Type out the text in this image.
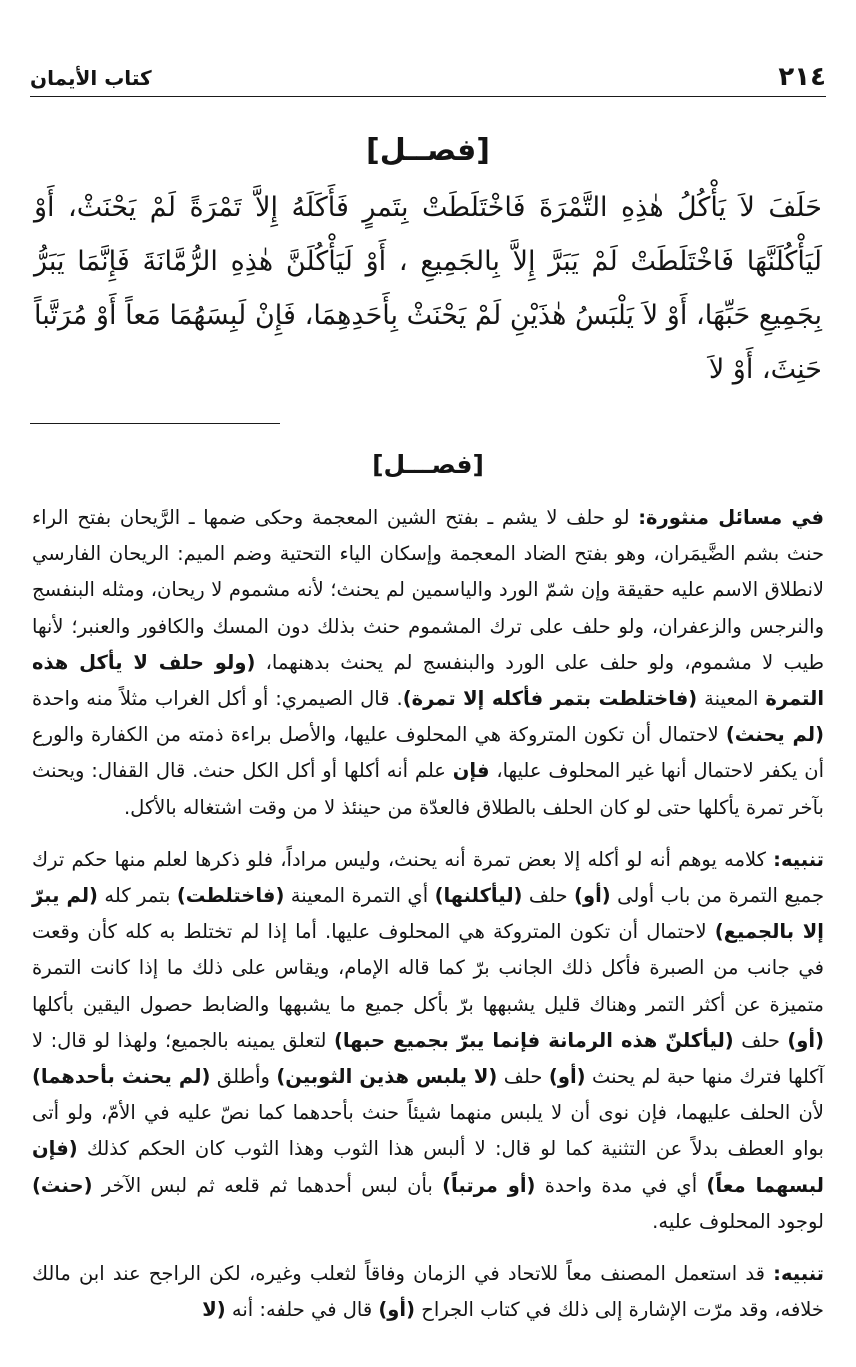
٢١٤
كتاب الأيمان
[فصــل]
حَلَفَ لاَ يَأْكُلُ هٰذِهِ التَّمْرَةَ فَاخْتَلَطَتْ بِتَمرٍ فَأَكَلَهُ إِلاَّ تَمْرَةً لَمْ يَحْنَثْ، أَوْ لَيَأْكُلَنَّهَا فَاخْتَلَطَتْ لَمْ يَبَرَّ إِلاَّ بِالجَمِيعِ ، أَوْ لَيَأْكُلَنَّ هٰذِهِ الرُّمَّانَةَ فَإِنَّمَا يَبَرُّ بِجَمِيعِ حَبِّهَا، أَوْ لاَ يَلْبَسُ هٰذَيْنِ لَمْ يَحْنَثْ بِأَحَدِهِمَا، فَإِنْ لَبِسَهُمَا مَعاً أَوْ مُرَتَّباً حَنِثَ، أَوْ لاَ
[فصـــل]

في مسائل منثورة: لو حلف لا يشم ـ بفتح الشين المعجمة وحكى ضمها ـ الرَّيحان بفتح الراء حنث بشم الضَّيمَران، وهو بفتح الضاد المعجمة وإسكان الياء التحتية وضم الميم: الريحان الفارسي لانطلاق الاسم عليه حقيقة وإن شمّ الورد والياسمين لم يحنث؛ لأنه مشموم لا ريحان، ومثله البنفسج والنرجس والزعفران، ولو حلف على ترك المشموم حنث بذلك دون المسك والكافور والعنبر؛ لأنها طيب لا مشموم، ولو حلف على الورد والبنفسج لم يحنث بدهنهما، (ولو حلف لا يأكل هذه التمرة المعينة (فاختلطت بتمر فأكله إلا تمرة). قال الصيمري: أو أكل الغراب مثلاً منه واحدة (لم يحنث) لاحتمال أن تكون المتروكة هي المحلوف عليها، والأصل براءة ذمته من الكفارة والورع أن يكفر لاحتمال أنها غير المحلوف عليها، فإن علم أنه أكلها أو أكل الكل حنث. قال القفال: ويحنث بآخر تمرة يأكلها حتى لو كان الحلف بالطلاق فالعدّة من حينئذ لا من وقت اشتغاله بالأكل.

تنبيه: كلامه يوهم أنه لو أكله إلا بعض تمرة أنه يحنث، وليس مراداً، فلو ذكرها لعلم منها حكم ترك جميع التمرة من باب أولى (أو) حلف (ليأكلنها) أي التمرة المعينة (فاختلطت) بتمر كله (لم يبرّ إلا بالجميع) لاحتمال أن تكون المتروكة هي المحلوف عليها. أما إذا لم تختلط به كله كأن وقعت في جانب من الصبرة فأكل ذلك الجانب برّ كما قاله الإمام، ويقاس على ذلك ما إذا كانت التمرة متميزة عن أكثر التمر وهناك قليل يشبهها برّ بأكل جميع ما يشبهها والضابط حصول اليقين بأكلها (أو) حلف (ليأكلنّ هذه الرمانة فإنما يبرّ بجميع حبها) لتعلق يمينه بالجميع؛ ولهذا لو قال: لا آكلها فترك منها حبة لم يحنث (أو) حلف (لا يلبس هذين الثوبين) وأطلق (لم يحنث بأحدهما) لأن الحلف عليهما، فإن نوى أن لا يلبس منهما شيئاً حنث بأحدهما كما نصّ عليه في الأمّ، ولو أتى بواو العطف بدلاً عن التثنية كما لو قال: لا ألبس هذا الثوب وهذا الثوب كان الحكم كذلك (فإن لبسهما معاً) أي في مدة واحدة (أو مرتباً) بأن لبس أحدهما ثم قلعه ثم لبس الآخر (حنث) لوجود المحلوف عليه.

تنبيه: قد استعمل المصنف معاً للاتحاد في الزمان وفاقاً لثعلب وغيره، لكن الراجح عند ابن مالك خلافه، وقد مرّت الإشارة إلى ذلك في كتاب الجراح (أو) قال في حلفه: أنه (لا
